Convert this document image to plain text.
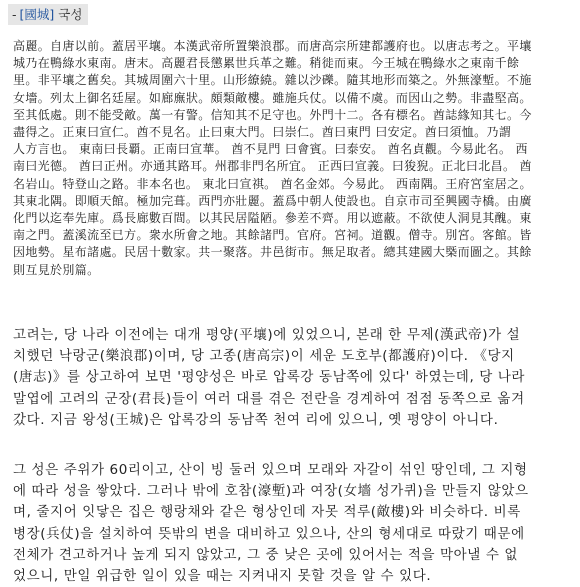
- [國城] 국성
高麗。自唐以前。蓋居平壤。本漢武帝所置樂浪郡。而唐高宗所建都護府也。以唐志考之。平壤
城乃在鴨綠水東南。唐末。高麗君長懲累世兵革之難。稍徙而東。今王城在鴨綠水之東南千餘
里。非平壤之舊矣。其城周圍六十里。山形繚繞。雜以沙礫。隨其地形而築之。外無濠塹。不施
女墻。列太上御名廷屋。如廊廡狀。頗類敵樓。雖施兵仗。以備不虞。而因山之勢。非盡堅高。
至其低處。則不能受敵。萬一有警。信知其不足守也。外門十二。各有標名。酋誌緣知其七。今
盡得之。正東曰宣仁。酋不見名。止曰東大門。曰崇仁。酋曰東門 曰安定。酋曰須恤。乃謂
人方言也。 東南曰長覇。正南曰宣華。 酋不見門 曰會賓。曰泰安。 酋名貞觀。今易此名。 西
南曰光德。 酋曰正州。亦通其路耳。州郡非門名所宜。 正西曰宣義。曰狻猊。正北曰北昌。 酋
名岩山。特登山之路。非本名也。 東北曰宣祺。 酋名金郊。今易此。 西南隅。王府宮室居之。
其東北隅。即順天館。極加完葺。西門亦壯麗。蓋爲中朝人使設也。自京市司至興國寺橋。由廣
化門以迄奉先庫。爲長廊數百間。以其民居隘陋。參差不齊。用以遮蔽。不欲使人洞見其醜。東
南之門。蓋溪流至已方。衆水所會之地。其餘諸門。官府。宮祠。道觀。僧寺。別宮。客館。皆
因地勢。星布諸處。民居十數家。共一聚落。井邑街市。無足取者。總其建國大槩而圖之。其餘
則互見於別篇。
고려는, 당 나라 이전에는 대개 평양(平壤)에 있었으니, 본래 한 무제(漢武帝)가 설
치했던 낙랑군(樂浪郡)이며, 당 고종(唐高宗)이 세운 도호부(都護府)이다. 《당지
(唐志)》를 상고하여 보면 '평양성은 바로 압록강 동남쪽에 있다' 하였는데, 당 나라
말엽에 고려의 군장(君長)들이 여러 대를 겪은 전란을 경계하여 점점 동쪽으로 옮겨
갔다. 지금 왕성(王城)은 압록강의 동남쪽 천여 리에 있으니, 옛 평양이 아니다.
그 성은 주위가 60리이고, 산이 빙 둘러 있으며 모래와 자갈이 섞인 땅인데, 그 지형
에 따라 성을 쌓았다. 그러나 밖에 호참(濠塹)과 여장(女墻 성가퀴)을 만들지 않았으
며, 줄지어 잇닿은 집은 행랑채와 같은 형상인데 자못 적루(敵樓)와 비슷하다. 비록
병장(兵仗)을 설치하여 뜻밖의 변을 대비하고 있으나, 산의 형세대로 따랐기 때문에
전체가 견고하거나 높게 되지 않았고, 그 중 낮은 곳에 있어서는 적을 막아낼 수 없
었으니, 만일 위급한 일이 있을 때는 지켜내지 못할 것을 알 수 있다.
